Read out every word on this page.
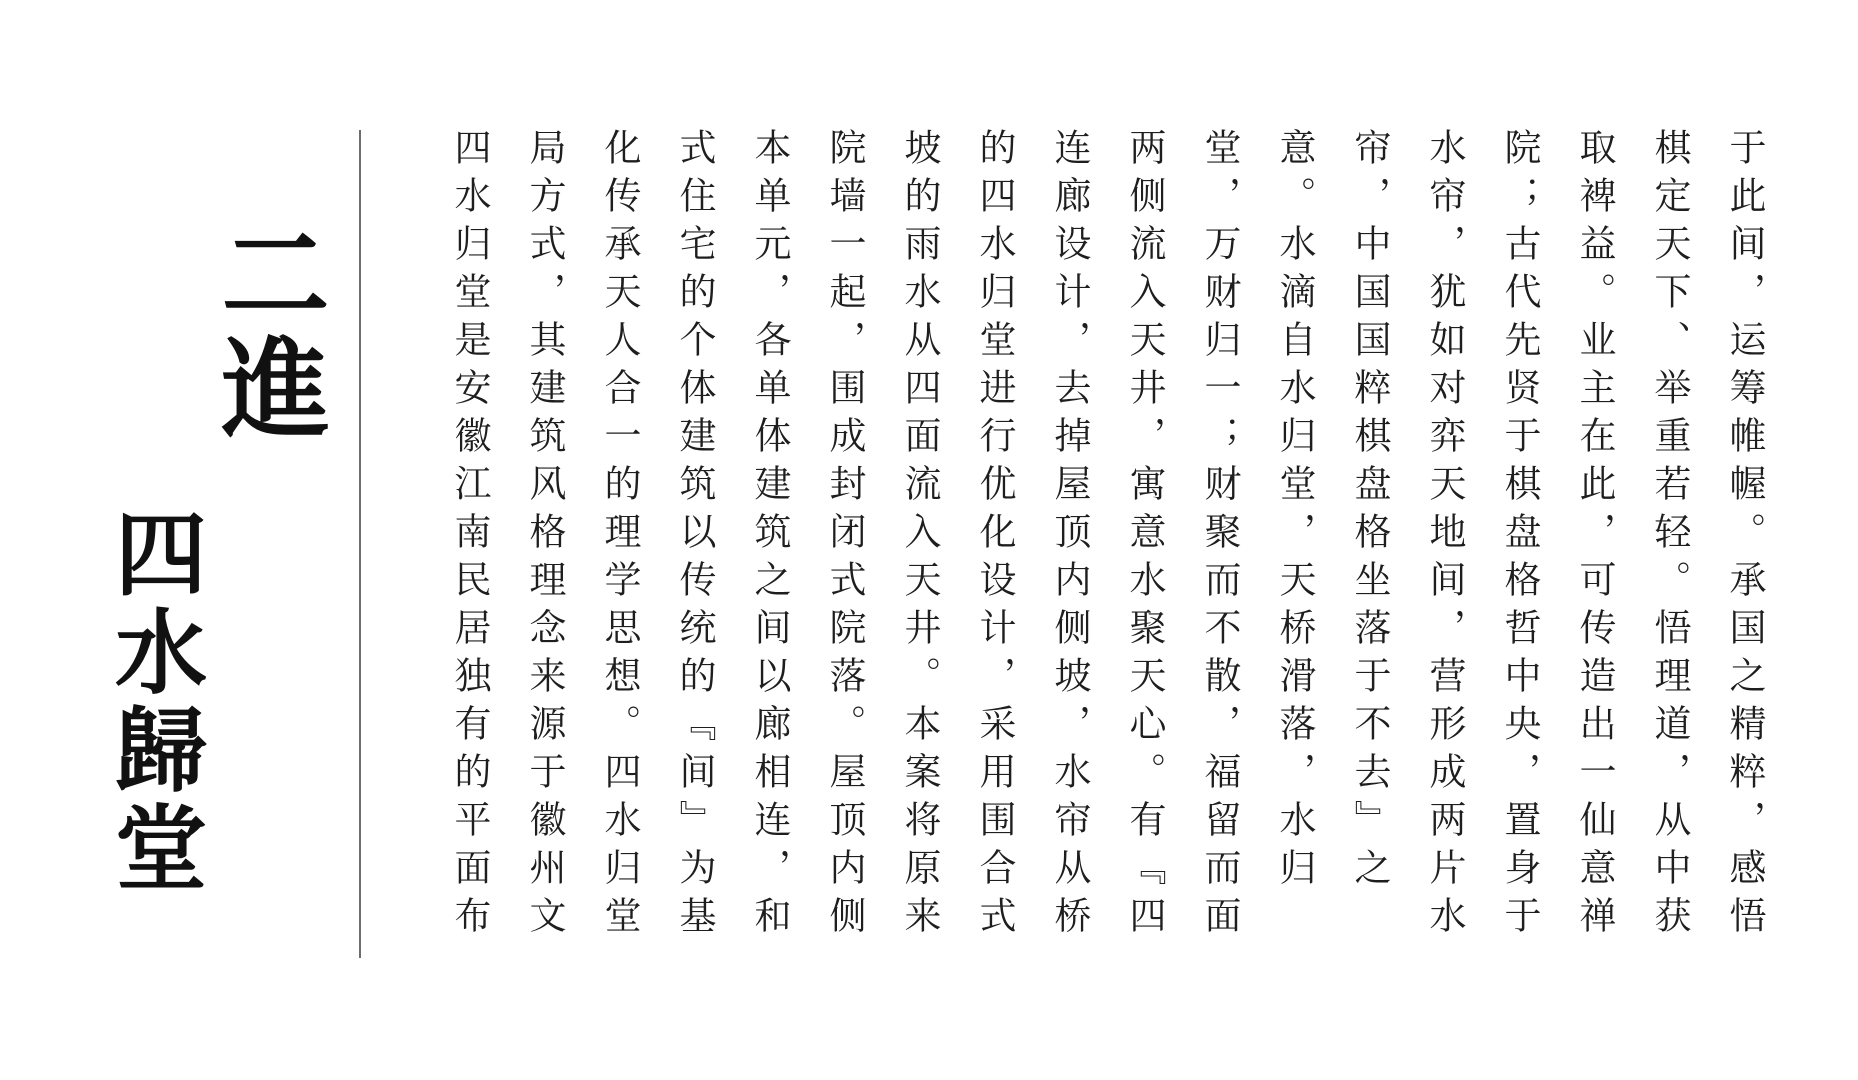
二進
四水歸堂	于此间，运筹帷幄。承国之精粹，感悟棋定天下、举重若轻。悟理道，从中获取裨益。业主在此，可传造出一仙意禅院；古代先贤于棋盘格哲中央，置身于水帘，犹如对弈天地间，营形成两片水帘，中国国粹棋盘格坐落于不去』之意。水滴自水归堂，天桥滑落，水归堂，万财归一；财聚而不散，福留而面两侧流入天井，寓意水聚天心。有『四连廊设计，去掉屋顶内侧坡，水帘从桥的四水归堂进行优化设计，采用围合式坡的雨水从四面流入天井。本案将原来院墙一起，围成封闭式院落。屋顶内侧本单元，各单体建筑之间以廊相连，和式住宅的个体建筑以传统的『间』为基化传承天人合一的理学思想。四水归堂局方式，其建筑风格理念来源于徽州文四水归堂是安徽江南民居独有的平面布
